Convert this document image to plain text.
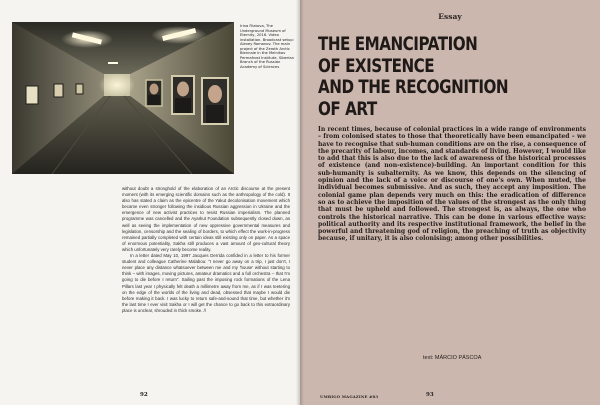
Irina Filatova, The Underground Museum of Eternity, 2016. Video installation. Broadcast setup: Alexey Romanov. The main project of the Zeroth Arctic Biennale in the Melnikov Permafrost Institute, Siberian Branch of the Russian Academy of Sciences

without doubt a stronghold of the elaboration of an Arctic discourse at the present moment (with its emerging scientific domains such as the anthropology of the cold). It also has stated a claim as the epicentre of the Yakut decolonisation movement which became even stronger following the insidious Russian aggression in Ukraine and the emergence of new activist practices to resist Russian imperialism. The planned programme was cancelled and the Ayarkut Foundation subsequently closed down, as well as seeing the implementation of new oppressive governmental measures and legislation, censorship and the sealing of borders, to which effect the work-in-progress remained partially completed with certain ideas still existing only on paper. As a space of enormous potentiality, Sakha still produces a vast amount of geo-cultural theory which unfortunately very rarely become reality.

In a letter dated May 10, 1997 Jacques Derrida confided in a letter to his former student and colleague Catherine Malabou: "I never go away on a trip, I just don't, I never place any distance whatsoever between me and my 'house' without starting to think – with images, moving pictures, amateur dramatics and a full orchestra – that I'm going to die before I return". Sailing past the imposing rock formations of the Lena Pillars last year I physically felt death a millimetre away from me, as if I was teetering on the edge of the worlds of the living and dead, obsessed that maybe I would die before making it back. I was lucky to return safe-and-sound that time, but whether it's the last time I ever visit Sakha or I will get the chance to go back to this extraordinary place is unclear, shrouded in thick smoke. //

92
Essay
THE EMANCIPATION
OF EXISTENCE
AND THE RECOGNITION
OF ART

In recent times, because of colonial practices in a wide range of environments – from colonised states to those that theoretically have been emancipated – we have to recognise that sub-human conditions are on the rise, a consequence of the precarity of labour, incomes, and standards of living. However, I would like to add that this is also due to the lack of awareness of the historical processes of existence (and non-existence)-building. An important condition for this sub-humanity is subalternity. As we know, this depends on the silencing of opinion and the lack of a voice or discourse of one's own. When muted, the individual becomes submissive. And as such, they accept any imposition. The colonial game plan depends very much on this: the eradication of difference so as to achieve the imposition of the values of the strongest as the only thing that must be upheld and followed. The strongest is, as always, the one who controls the historical narrative. This can be done in various effective ways: political authority and its respective institutional framework, the belief in the powerful and threatening god of religion, the preaching of truth as objectivity because, if unitary, it is also colonising; among other possibilities.

text: MÁRCIO PÁSCOA
UMBIGO MAGAZINE #83	93
